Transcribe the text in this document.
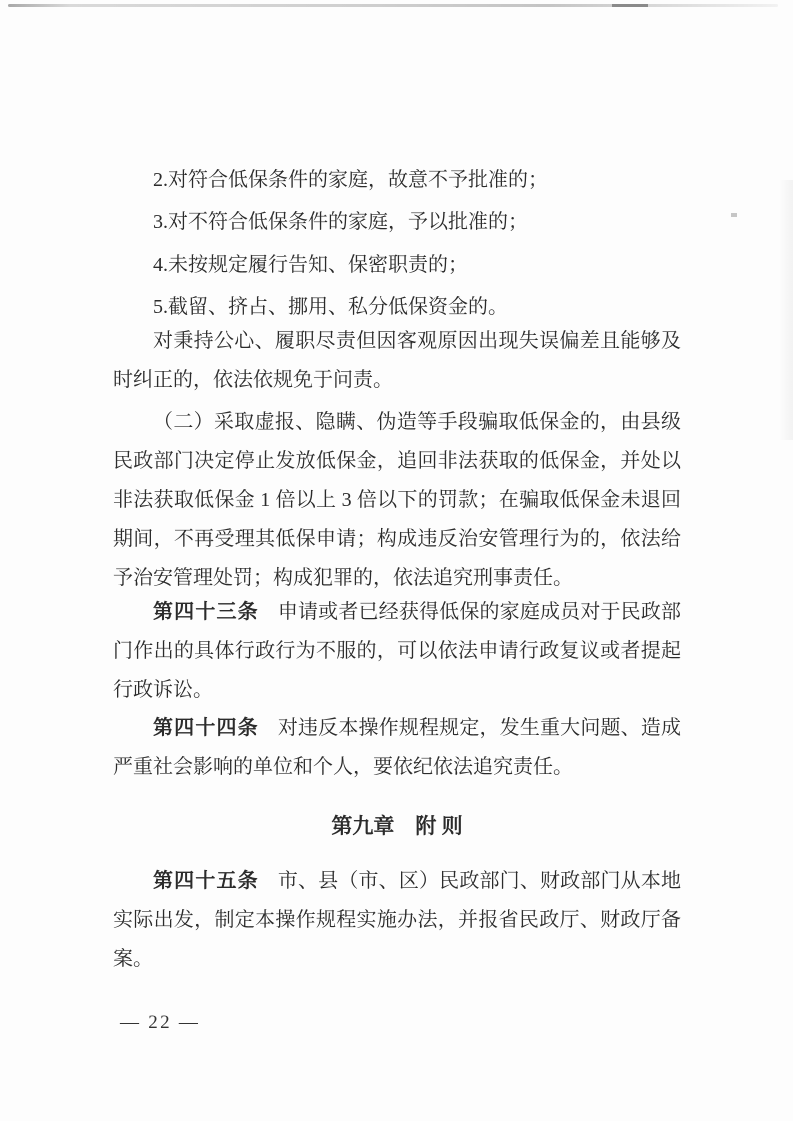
2.对符合低保条件的家庭，故意不予批准的；

3.对不符合低保条件的家庭，予以批准的；

4.未按规定履行告知、保密职责的；

5.截留、挤占、挪用、私分低保资金的。

对秉持公心、履职尽责但因客观原因出现失误偏差且能够及时纠正的，依法依规免于问责。

（二）采取虚报、隐瞒、伪造等手段骗取低保金的，由县级民政部门决定停止发放低保金，追回非法获取的低保金，并处以非法获取低保金 1 倍以上 3 倍以下的罚款；在骗取低保金未退回期间，不再受理其低保申请；构成违反治安管理行为的，依法给予治安管理处罚；构成犯罪的，依法追究刑事责任。

第四十三条 申请或者已经获得低保的家庭成员对于民政部门作出的具体行政行为不服的，可以依法申请行政复议或者提起行政诉讼。

第四十四条 对违反本操作规程规定，发生重大问题、造成严重社会影响的单位和个人，要依纪依法追究责任。

第九章　附 则

第四十五条 市、县（市、区）民政部门、财政部门从本地实际出发，制定本操作规程实施办法，并报省民政厅、财政厅备案。

— 22 —
